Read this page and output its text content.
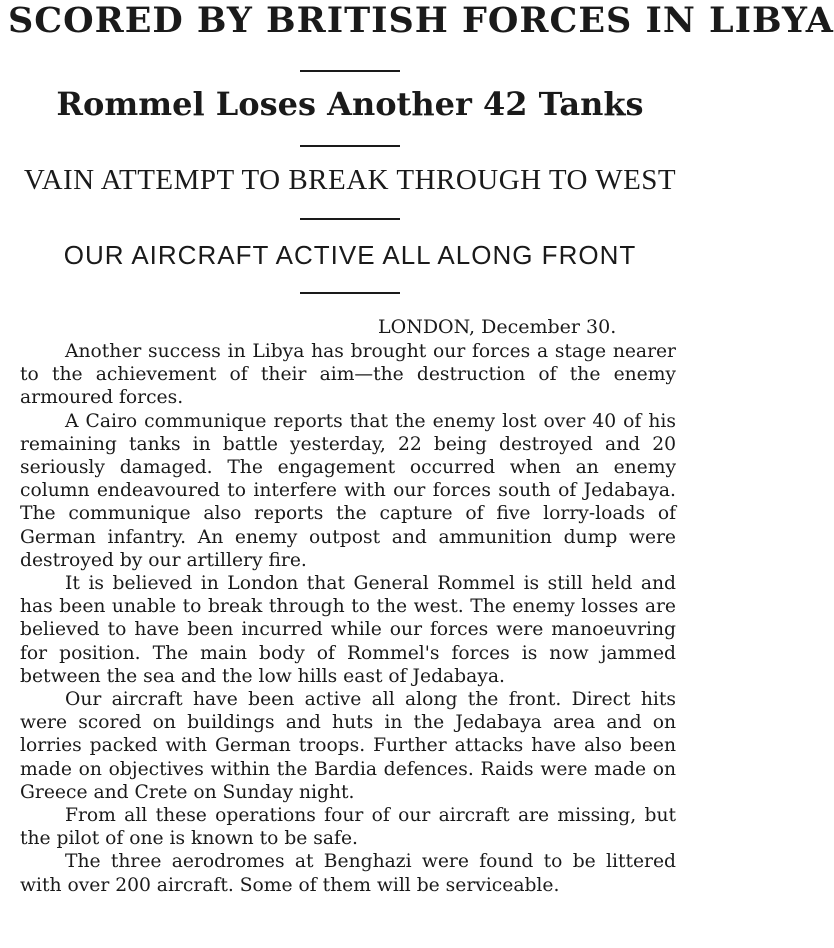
SCORED BY BRITISH FORCES IN LIBYA
Rommel Loses Another 42 Tanks
VAIN ATTEMPT TO BREAK THROUGH TO WEST
OUR AIRCRAFT ACTIVE ALL ALONG FRONT
LONDON, December 30.

Another success in Libya has brought our forces a stage nearer to the achievement of their aim—the destruction of the enemy armoured forces.

A Cairo communique reports that the enemy lost over 40 of his remaining tanks in battle yesterday, 22 being destroyed and 20 seriously damaged. The engagement occurred when an enemy column endeavoured to interfere with our forces south of Jedabaya. The communique also reports the capture of five lorry-loads of German infantry. An enemy outpost and ammunition dump were destroyed by our artillery fire.

It is believed in London that General Rommel is still held and has been unable to break through to the west. The enemy losses are believed to have been incurred while our forces were manoeuvring for position. The main body of Rommel's forces is now jammed between the sea and the low hills east of Jedabaya.

Our aircraft have been active all along the front. Direct hits were scored on buildings and huts in the Jedabaya area and on lorries packed with German troops. Further attacks have also been made on objectives within the Bardia defences. Raids were made on Greece and Crete on Sunday night.

From all these operations four of our aircraft are missing, but the pilot of one is known to be safe.

The three aerodromes at Benghazi were found to be littered with over 200 aircraft. Some of them will be serviceable.
